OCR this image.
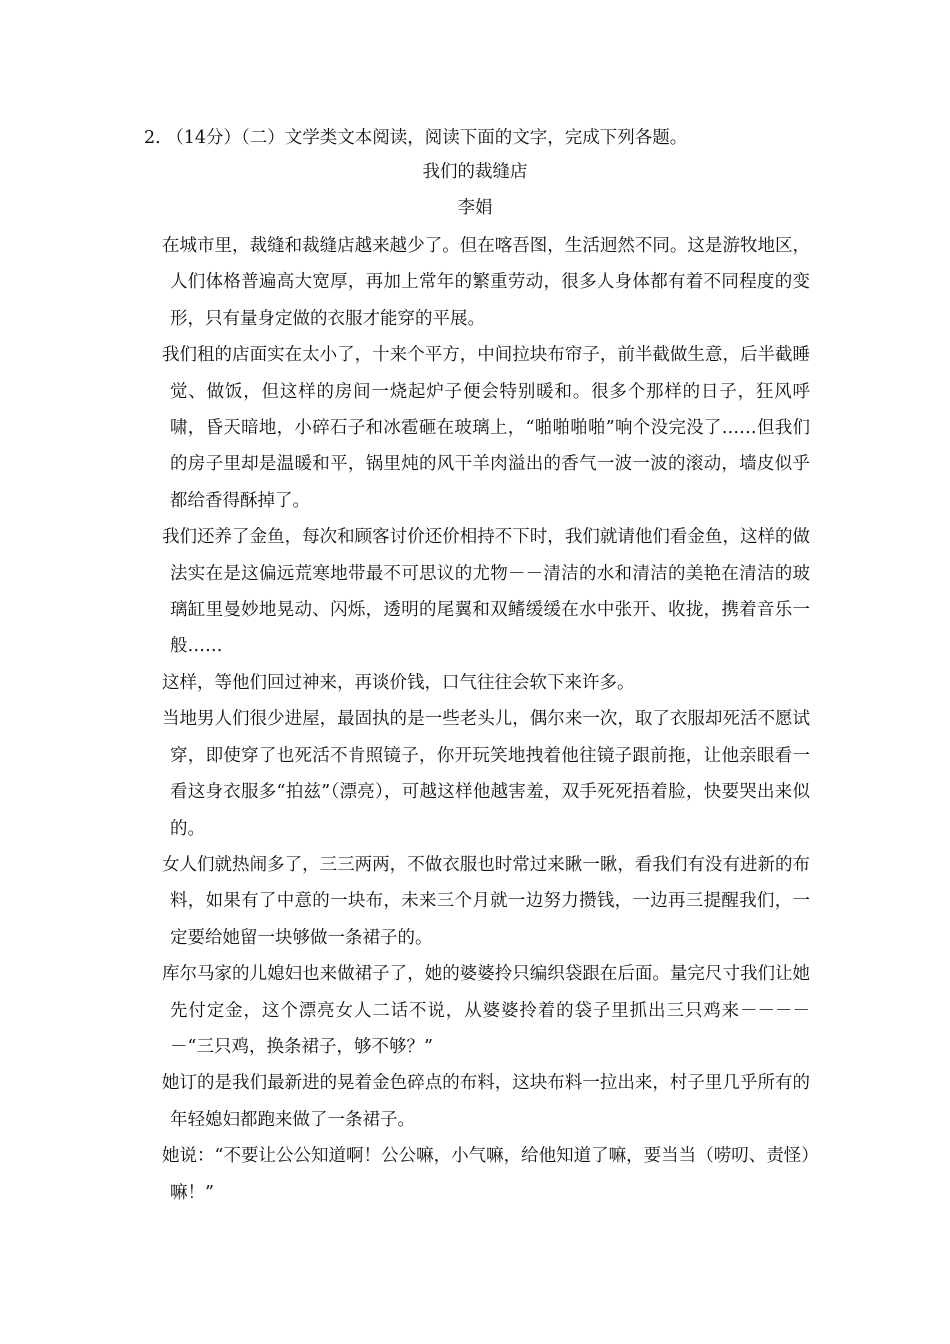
2. （14分）（二）文学类文本阅读，阅读下面的文字，完成下列各题。
我们的裁缝店
李娟

在城市里，裁缝和裁缝店越来越少了。但在喀吾图，生活迥然不同。这是游牧地区，人们体格普遍高大宽厚，再加上常年的繁重劳动，很多人身体都有着不同程度的变形，只有量身定做的衣服才能穿的平展。

我们租的店面实在太小了，十来个平方，中间拉块布帘子，前半截做生意，后半截睡觉、做饭，但这样的房间一烧起炉子便会特别暖和。很多个那样的日子，狂风呼啸，昏天暗地，小碎石子和冰雹砸在玻璃上，“啪啪啪啪”响个没完没了……但我们的房子里却是温暖和平，锅里炖的风干羊肉溢出的香气一波一波的滚动，墙皮似乎都给香得酥掉了。

我们还养了金鱼，每次和顾客讨价还价相持不下时，我们就请他们看金鱼，这样的做法实在是这偏远荒寒地带最不可思议的尤物－－清洁的水和清洁的美艳在清洁的玻璃缸里曼妙地晃动、闪烁，透明的尾翼和双鳍缓缓在水中张开、收拢，携着音乐一般……

这样，等他们回过神来，再谈价钱，口气往往会软下来许多。

当地男人们很少进屋，最固执的是一些老头儿，偶尔来一次，取了衣服却死活不愿试穿，即使穿了也死活不肯照镜子，你开玩笑地拽着他往镜子跟前拖，让他亲眼看一看这身衣服多“拍兹”（漂亮），可越这样他越害羞，双手死死捂着脸，快要哭出来似的。

女人们就热闹多了，三三两两，不做衣服也时常过来瞅一瞅，看我们有没有进新的布料，如果有了中意的一块布，未来三个月就一边努力攒钱，一边再三提醒我们，一定要给她留一块够做一条裙子的。

库尔马家的儿媳妇也来做裙子了，她的婆婆拎只编织袋跟在后面。量完尺寸我们让她先付定金，这个漂亮女人二话不说，从婆婆拎着的袋子里抓出三只鸡来－－－－－“三只鸡，换条裙子，够不够？”

她订的是我们最新进的晃着金色碎点的布料，这块布料一拉出来，村子里几乎所有的年轻媳妇都跑来做了一条裙子。

她说：“不要让公公知道啊！公公嘛，小气嘛，给他知道了嘛，要当当（唠叨、责怪）嘛！”
